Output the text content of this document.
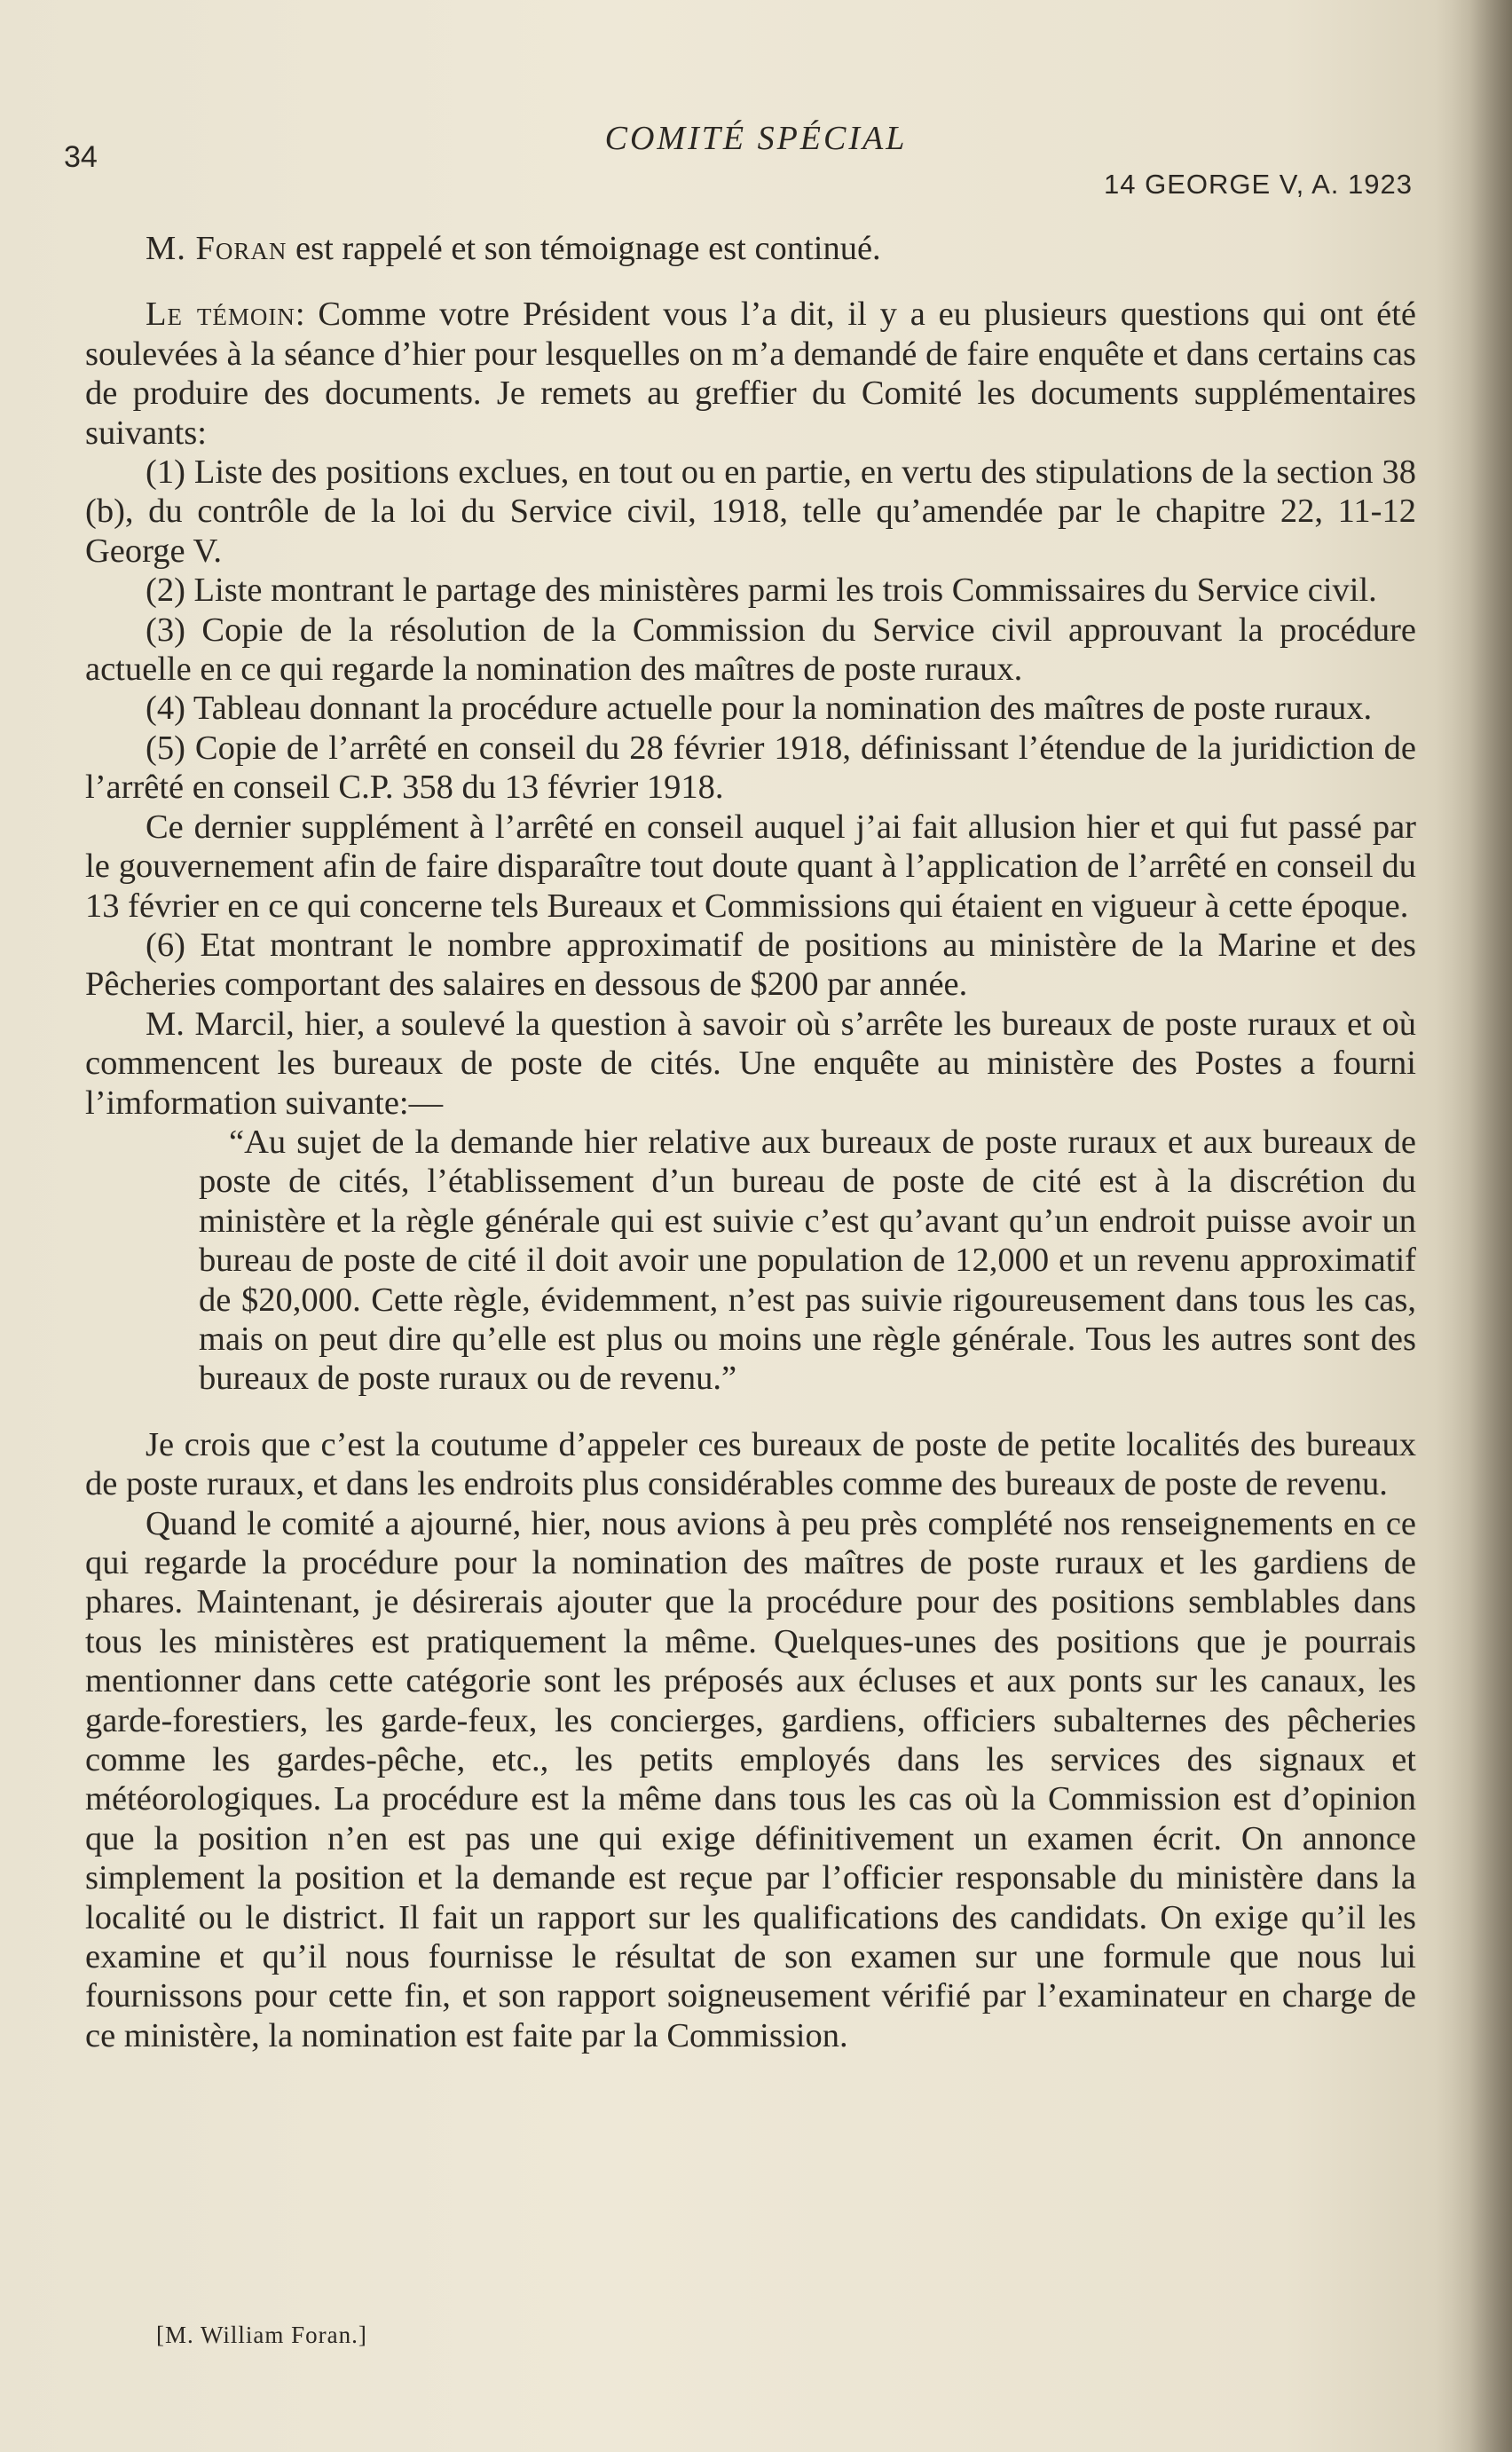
34	COMITÉ SPÉCIAL
14 GEORGE V, A. 1923

M. Foran est rappelé et son témoignage est continué.

Le témoin: Comme votre Président vous l’a dit, il y a eu plusieurs questions qui ont été soulevées à la séance d’hier pour lesquelles on m’a demandé de faire enquête et dans certains cas de produire des documents. Je remets au greffier du Comité les documents supplémentaires suivants:

(1) Liste des positions exclues, en tout ou en partie, en vertu des stipulations de la section 38 (b), du contrôle de la loi du Service civil, 1918, telle qu’amendée par le chapitre 22, 11-12 George V.

(2) Liste montrant le partage des ministères parmi les trois Commissaires du Service civil.

(3) Copie de la résolution de la Commission du Service civil approuvant la procédure actuelle en ce qui regarde la nomination des maîtres de poste ruraux.

(4) Tableau donnant la procédure actuelle pour la nomination des maîtres de poste ruraux.

(5) Copie de l’arrêté en conseil du 28 février 1918, définissant l’étendue de la juridiction de l’arrêté en conseil C.P. 358 du 13 février 1918.

Ce dernier supplément à l’arrêté en conseil auquel j’ai fait allusion hier et qui fut passé par le gouvernement afin de faire disparaître tout doute quant à l’application de l’arrêté en conseil du 13 février en ce qui concerne tels Bureaux et Commissions qui étaient en vigueur à cette époque.

(6) Etat montrant le nombre approximatif de positions au ministère de la Marine et des Pêcheries comportant des salaires en dessous de $200 par année.

M. Marcil, hier, a soulevé la question à savoir où s’arrête les bureaux de poste ruraux et où commencent les bureaux de poste de cités. Une enquête au ministère des Postes a fourni l’imformation suivante:—

“Au sujet de la demande hier relative aux bureaux de poste ruraux et aux bureaux de poste de cités, l’établissement d’un bureau de poste de cité est à la discrétion du ministère et la règle générale qui est suivie c’est qu’avant qu’un endroit puisse avoir un bureau de poste de cité il doit avoir une population de 12,000 et un revenu approximatif de $20,000. Cette règle, évidemment, n’est pas suivie rigoureusement dans tous les cas, mais on peut dire qu’elle est plus ou moins une règle générale. Tous les autres sont des bureaux de poste ruraux ou de revenu.”

Je crois que c’est la coutume d’appeler ces bureaux de poste de petite localités des bureaux de poste ruraux, et dans les endroits plus considérables comme des bureaux de poste de revenu.

Quand le comité a ajourné, hier, nous avions à peu près complété nos renseignements en ce qui regarde la procédure pour la nomination des maîtres de poste ruraux et les gardiens de phares. Maintenant, je désirerais ajouter que la procédure pour des positions semblables dans tous les ministères est pratiquement la même. Quelques-unes des positions que je pourrais mentionner dans cette catégorie sont les préposés aux écluses et aux ponts sur les canaux, les garde-forestiers, les garde-feux, les concierges, gardiens, officiers subalternes des pêcheries comme les gardes-pêche, etc., les petits employés dans les services des signaux et météorologiques. La procédure est la même dans tous les cas où la Commission est d’opinion que la position n’en est pas une qui exige définitivement un examen écrit. On annonce simplement la position et la demande est reçue par l’officier responsable du ministère dans la localité ou le district. Il fait un rapport sur les qualifications des candidats. On exige qu’il les examine et qu’il nous fournisse le résultat de son examen sur une formule que nous lui fournissons pour cette fin, et son rapport soigneusement vérifié par l’examinateur en charge de ce ministère, la nomination est faite par la Commission.

[M. William Foran.]
